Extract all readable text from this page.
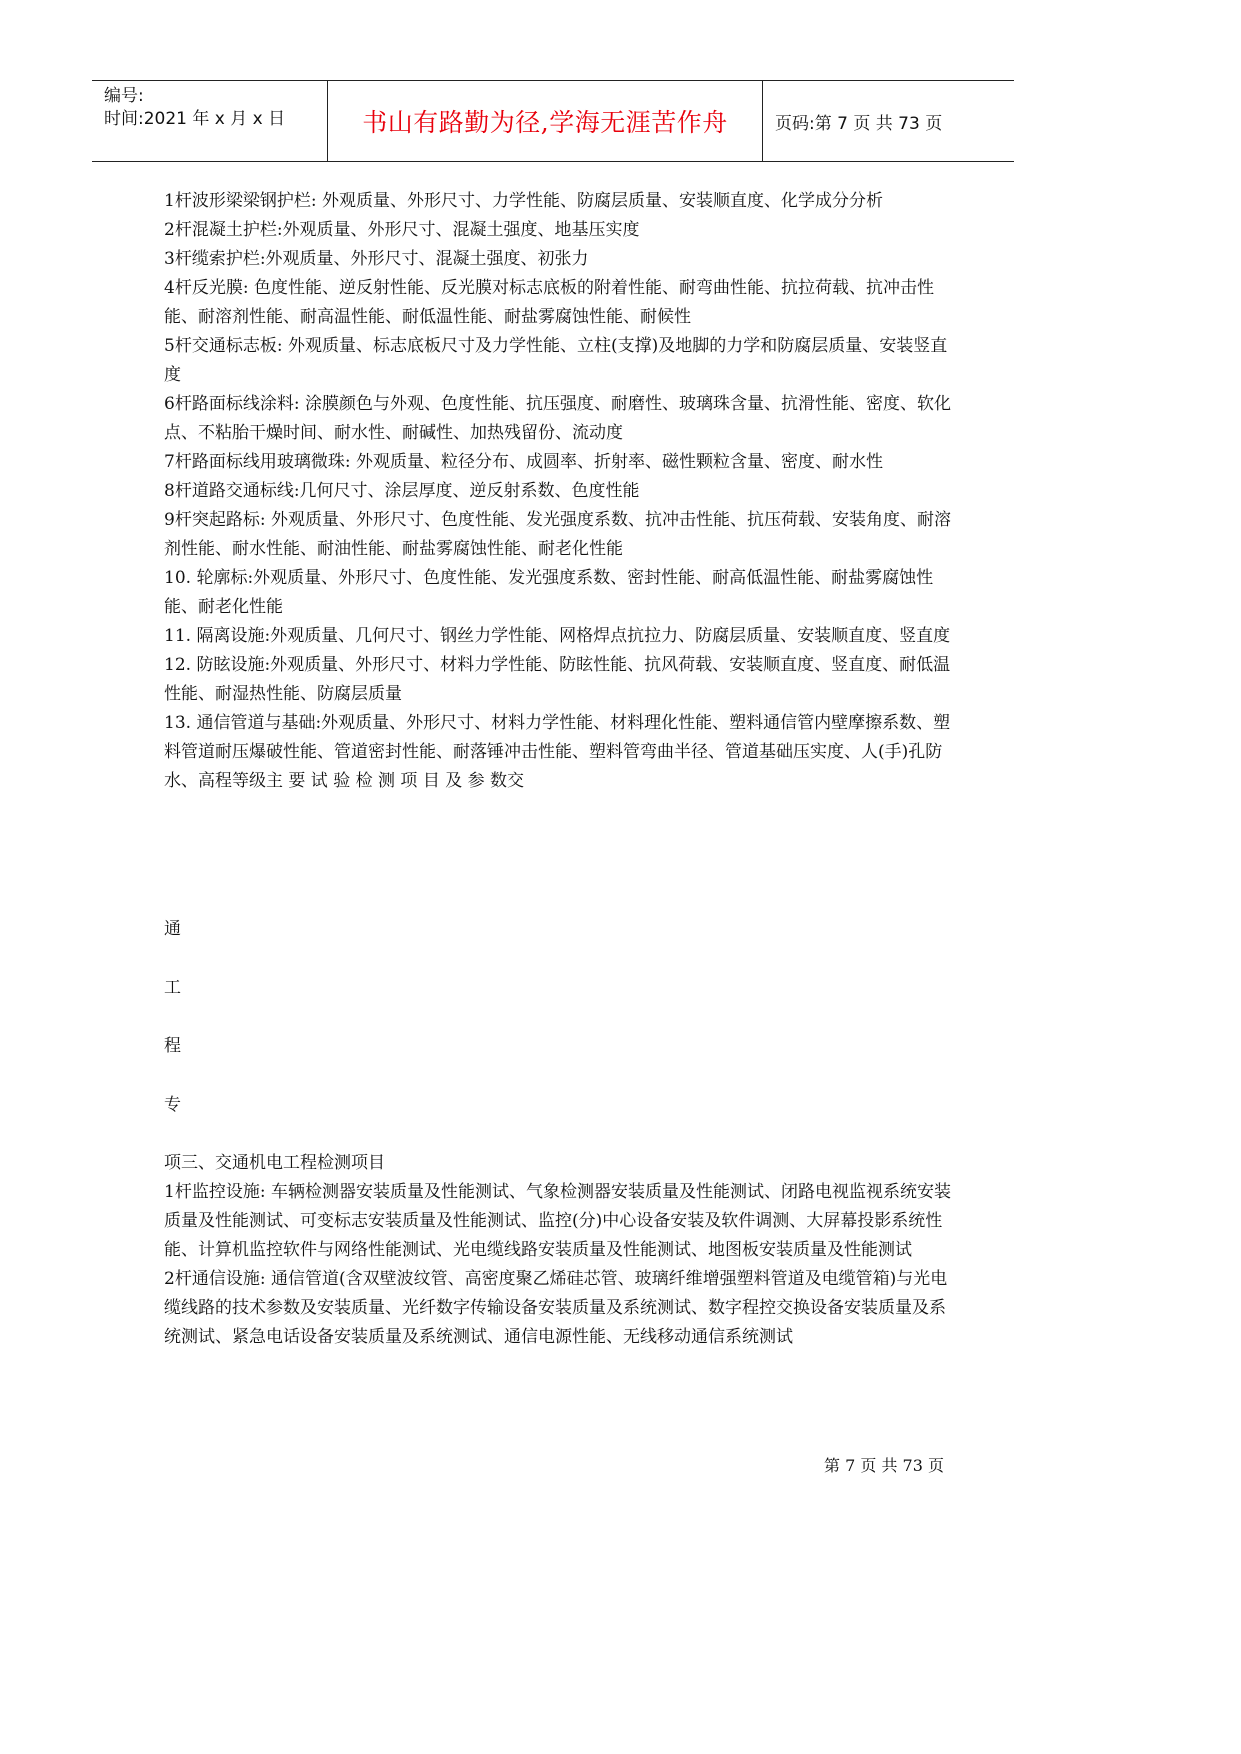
编号:
时间:2021 年 x 月 x 日	书山有路勤为径,学海无涯苦作舟	页码:第 7 页 共 73 页

1杆波形梁梁钢护栏: 外观质量、外形尺寸、力学性能、防腐层质量、安装顺直度、化学成分分析

2杆混凝土护栏:外观质量、外形尺寸、混凝土强度、地基压实度

3杆缆索护栏:外观质量、外形尺寸、混凝土强度、初张力

4杆反光膜: 色度性能、逆反射性能、反光膜对标志底板的附着性能、耐弯曲性能、抗拉荷载、抗冲击性能、耐溶剂性能、耐高温性能、耐低温性能、耐盐雾腐蚀性能、耐候性

5杆交通标志板: 外观质量、标志底板尺寸及力学性能、立柱(支撑)及地脚的力学和防腐层质量、安装竖直度

6杆路面标线涂料: 涂膜颜色与外观、色度性能、抗压强度、耐磨性、玻璃珠含量、抗滑性能、密度、软化点、不粘胎干燥时间、耐水性、耐碱性、加热残留份、流动度

7杆路面标线用玻璃微珠: 外观质量、粒径分布、成圆率、折射率、磁性颗粒含量、密度、耐水性

8杆道路交通标线:几何尺寸、涂层厚度、逆反射系数、色度性能

9杆突起路标: 外观质量、外形尺寸、色度性能、发光强度系数、抗冲击性能、抗压荷载、安装角度、耐溶剂性能、耐水性能、耐油性能、耐盐雾腐蚀性能、耐老化性能

10. 轮廓标:外观质量、外形尺寸、色度性能、发光强度系数、密封性能、耐高低温性能、耐盐雾腐蚀性能、耐老化性能

11. 隔离设施:外观质量、几何尺寸、钢丝力学性能、网格焊点抗拉力、防腐层质量、安装顺直度、竖直度

12. 防眩设施:外观质量、外形尺寸、材料力学性能、防眩性能、抗风荷载、安装顺直度、竖直度、耐低温性能、耐湿热性能、防腐层质量

13. 通信管道与基础:外观质量、外形尺寸、材料力学性能、材料理化性能、塑料通信管内壁摩擦系数、塑料管道耐压爆破性能、管道密封性能、耐落锤冲击性能、塑料管弯曲半径、管道基础压实度、人(手)孔防水、高程等级主 要 试 验 检 测 项 目 及 参 数交

通
工
程
专

项三、交通机电工程检测项目

1杆监控设施: 车辆检测器安装质量及性能测试、气象检测器安装质量及性能测试、闭路电视监视系统安装质量及性能测试、可变标志安装质量及性能测试、监控(分)中心设备安装及软件调测、大屏幕投影系统性能、计算机监控软件与网络性能测试、光电缆线路安装质量及性能测试、地图板安装质量及性能测试

2杆通信设施: 通信管道(含双壁波纹管、高密度聚乙烯硅芯管、玻璃纤维增强塑料管道及电缆管箱)与光电缆线路的技术参数及安装质量、光纤数字传输设备安装质量及系统测试、数字程控交换设备安装质量及系统测试、紧急电话设备安装质量及系统测试、通信电源性能、无线移动通信系统测试

第 7 页 共 73 页
